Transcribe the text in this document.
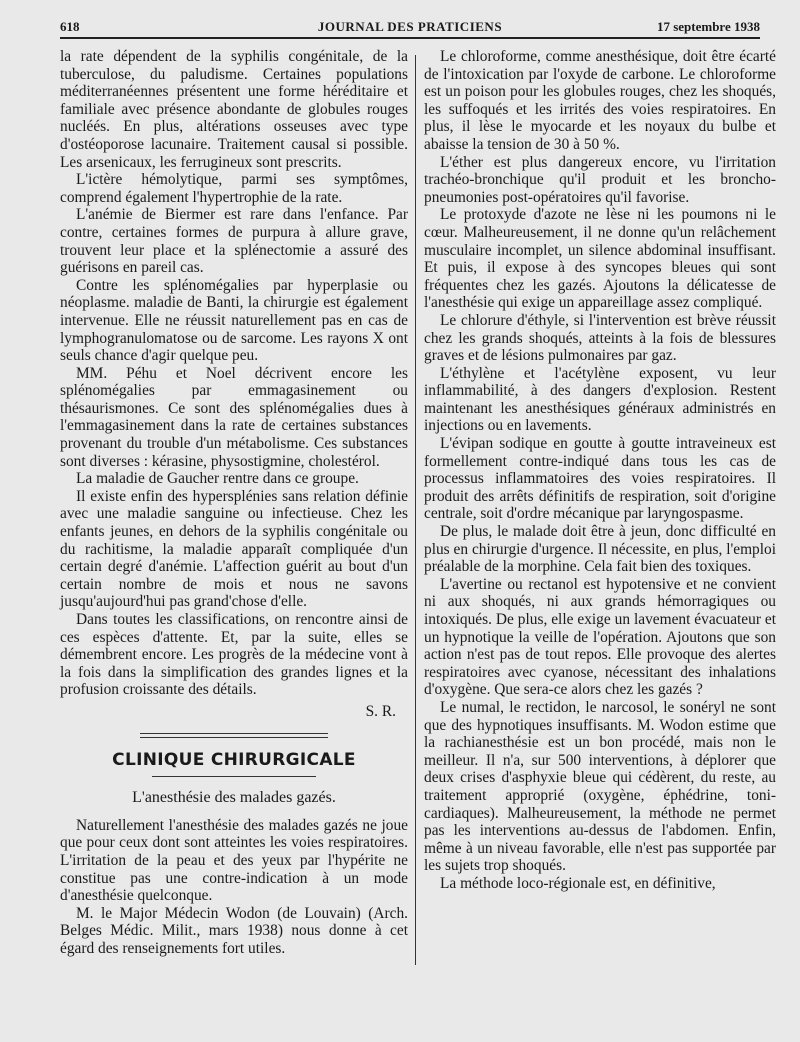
618	JOURNAL DES PRATICIENS	17 septembre 1938

la rate dépendent de la syphilis congénitale, de la tuberculose, du paludisme. Certaines populations méditerranéennes présentent une forme héréditaire et familiale avec présence abondante de globules rouges nucléés. En plus, altérations osseuses avec type d'ostéoporose lacunaire. Traitement causal si possible. Les arsenicaux, les ferrugineux sont prescrits.

L'ictère hémolytique, parmi ses symptômes, comprend également l'hypertrophie de la rate.

L'anémie de Biermer est rare dans l'enfance. Par contre, certaines formes de purpura à allure grave, trouvent leur place et la splénectomie a assuré des guérisons en pareil cas.

Contre les splénomégalies par hyperplasie ou néoplasme. maladie de Banti, la chirurgie est également intervenue. Elle ne réussit naturellement pas en cas de lymphogranulomatose ou de sarcome. Les rayons X ont seuls chance d'agir quelque peu.

MM. Péhu et Noel décrivent encore les splénomégalies par emmagasinement ou thésaurismones. Ce sont des splénomégalies dues à l'emmagasinement dans la rate de certaines substances provenant du trouble d'un métabolisme. Ces substances sont diverses : kérasine, physostigmine, cholestérol.

La maladie de Gaucher rentre dans ce groupe.

Il existe enfin des hypersplénies sans relation définie avec une maladie sanguine ou infectieuse. Chez les enfants jeunes, en dehors de la syphilis congénitale ou du rachitisme, la maladie apparaît compliquée d'un certain degré d'anémie. L'affection guérit au bout d'un certain nombre de mois et nous ne savons jusqu'aujourd'hui pas grand'chose d'elle.

Dans toutes les classifications, on rencontre ainsi de ces espèces d'attente. Et, par la suite, elles se démembrent encore. Les progrès de la médecine vont à la fois dans la simplification des grandes lignes et la profusion croissante des détails.

S. R.
CLINIQUE CHIRURGICALE
L'anesthésie des malades gazés.

Naturellement l'anesthésie des malades gazés ne joue que pour ceux dont sont atteintes les voies respiratoires. L'irritation de la peau et des yeux par l'hypérite ne constitue pas une contre-indication à un mode d'anesthésie quelconque.

M. le Major Médecin Wodon (de Louvain) (Arch. Belges Médic. Milit., mars 1938) nous donne à cet égard des renseignements fort utiles.

Le chloroforme, comme anesthésique, doit être écarté de l'intoxication par l'oxyde de carbone. Le chloroforme est un poison pour les globules rouges, chez les shoqués, les suffoqués et les irrités des voies respiratoires. En plus, il lèse le myocarde et les noyaux du bulbe et abaisse la tension de 30 à 50 %.

L'éther est plus dangereux encore, vu l'irritation trachéo-bronchique qu'il produit et les broncho-pneumonies post-opératoires qu'il favorise.

Le protoxyde d'azote ne lèse ni les poumons ni le cœur. Malheureusement, il ne donne qu'un relâchement musculaire incomplet, un silence abdominal insuffisant. Et puis, il expose à des syncopes bleues qui sont fréquentes chez les gazés. Ajoutons la délicatesse de l'anesthésie qui exige un appareillage assez compliqué.

Le chlorure d'éthyle, si l'intervention est brève réussit chez les grands shoqués, atteints à la fois de blessures graves et de lésions pulmonaires par gaz.

L'éthylène et l'acétylène exposent, vu leur inflammabilité, à des dangers d'explosion. Restent maintenant les anesthésiques généraux administrés en injections ou en lavements.

L'évipan sodique en goutte à goutte intraveineux est formellement contre-indiqué dans tous les cas de processus inflammatoires des voies respiratoires. Il produit des arrêts définitifs de respiration, soit d'origine centrale, soit d'ordre mécanique par laryngospasme.

De plus, le malade doit être à jeun, donc difficulté en plus en chirurgie d'urgence. Il nécessite, en plus, l'emploi préalable de la morphine. Cela fait bien des toxiques.

L'avertine ou rectanol est hypotensive et ne convient ni aux shoqués, ni aux grands hémorragiques ou intoxiqués. De plus, elle exige un lavement évacuateur et un hypnotique la veille de l'opération. Ajoutons que son action n'est pas de tout repos. Elle provoque des alertes respiratoires avec cyanose, nécessitant des inhalations d'oxygène. Que sera-ce alors chez les gazés ?

Le numal, le rectidon, le narcosol, le sonéryl ne sont que des hypnotiques insuffisants. M. Wodon estime que la rachianesthésie est un bon procédé, mais non le meilleur. Il n'a, sur 500 interventions, à déplorer que deux crises d'asphyxie bleue qui cédèrent, du reste, au traitement approprié (oxygène, éphédrine, toni-cardiaques). Malheureusement, la méthode ne permet pas les interventions au-dessus de l'abdomen. Enfin, même à un niveau favorable, elle n'est pas supportée par les sujets trop shoqués.

La méthode loco-régionale est, en définitive,
